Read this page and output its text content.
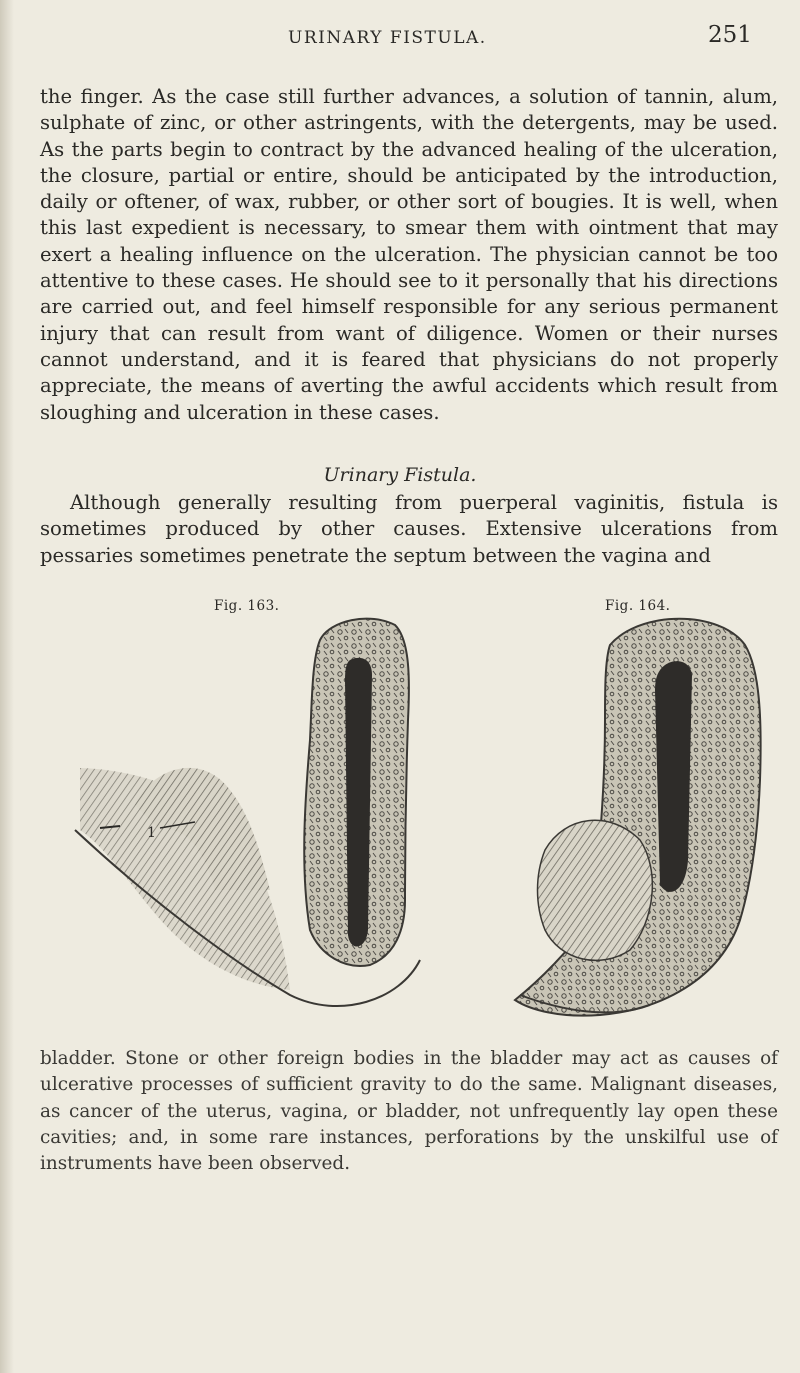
URINARY FISTULA.	251

the finger. As the case still further advances, a solution of tannin, alum, sulphate of zinc, or other astringents, with the detergents, may be used. As the parts begin to contract by the advanced healing of the ulceration, the closure, partial or entire, should be anticipated by the introduction, daily or oftener, of wax, rubber, or other sort of bougies. It is well, when this last expedient is necessary, to smear them with ointment that may exert a healing influence on the ulceration. The physician cannot be too attentive to these cases. He should see to it personally that his directions are carried out, and feel himself responsible for any serious permanent injury that can result from want of diligence. Women or their nurses cannot understand, and it is feared that physicians do not properly appreciate, the means of averting the awful accidents which result from sloughing and ulceration in these cases.

Urinary Fistula.

Although generally resulting from puerperal vaginitis, fistula is sometimes produced by other causes. Extensive ulcerations from pessaries sometimes penetrate the septum between the vagina and

Fig. 163.	Fig. 164.
1

bladder. Stone or other foreign bodies in the bladder may act as causes of ulcerative processes of sufficient gravity to do the same. Malignant diseases, as cancer of the uterus, vagina, or bladder, not unfrequently lay open these cavities; and, in some rare instances, perforations by the unskilful use of instruments have been observed.
